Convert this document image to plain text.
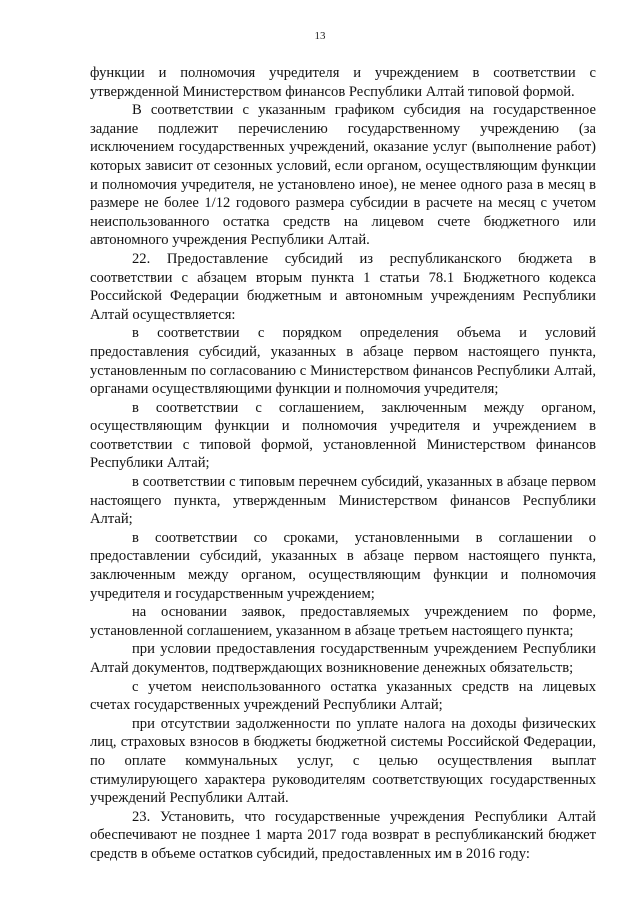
13

функции и полномочия учредителя и учреждением в соответствии с утвержденной Министерством финансов Республики Алтай типовой формой.

В соответствии с указанным графиком субсидия на государственное задание подлежит перечислению государственному учреждению (за исключением государственных учреждений, оказание услуг (выполнение работ) которых зависит от сезонных условий, если органом, осуществляющим функции и полномочия учредителя, не установлено иное), не менее одного раза в месяц в размере не более 1/12 годового размера субсидии в расчете на месяц с учетом неиспользованного остатка средств на лицевом счете бюджетного или автономного учреждения Республики Алтай.

22. Предоставление субсидий из республиканского бюджета в соответствии с абзацем вторым пункта 1 статьи 78.1 Бюджетного кодекса Российской Федерации бюджетным и автономным учреждениям Республики Алтай осуществляется:

в соответствии с порядком определения объема и условий предоставления субсидий, указанных в абзаце первом настоящего пункта, установленным по согласованию с Министерством финансов Республики Алтай, органами осуществляющими функции и полномочия учредителя;

в соответствии с соглашением, заключенным между органом, осуществляющим функции и полномочия учредителя и учреждением в соответствии с типовой формой, установленной Министерством финансов Республики Алтай;

в соответствии с типовым перечнем субсидий, указанных в абзаце первом настоящего пункта, утвержденным Министерством финансов Республики Алтай;

в соответствии со сроками, установленными в соглашении о предоставлении субсидий, указанных в абзаце первом настоящего пункта, заключенным между органом, осуществляющим функции и полномочия учредителя и государственным учреждением;

на основании заявок, предоставляемых учреждением по форме, установленной соглашением, указанном в абзаце третьем настоящего пункта;

при условии предоставления государственным учреждением Республики Алтай документов, подтверждающих возникновение денежных обязательств;

с учетом неиспользованного остатка указанных средств на лицевых счетах государственных учреждений Республики Алтай;

при отсутствии задолженности по уплате налога на доходы физических лиц, страховых взносов в бюджеты бюджетной системы Российской Федерации, по оплате коммунальных услуг, с целью осуществления выплат стимулирующего характера руководителям соответствующих государственных учреждений Республики Алтай.

23. Установить, что государственные учреждения Республики Алтай обеспечивают не позднее 1 марта 2017 года возврат в республиканский бюджет средств в объеме остатков субсидий, предоставленных им в 2016 году:
